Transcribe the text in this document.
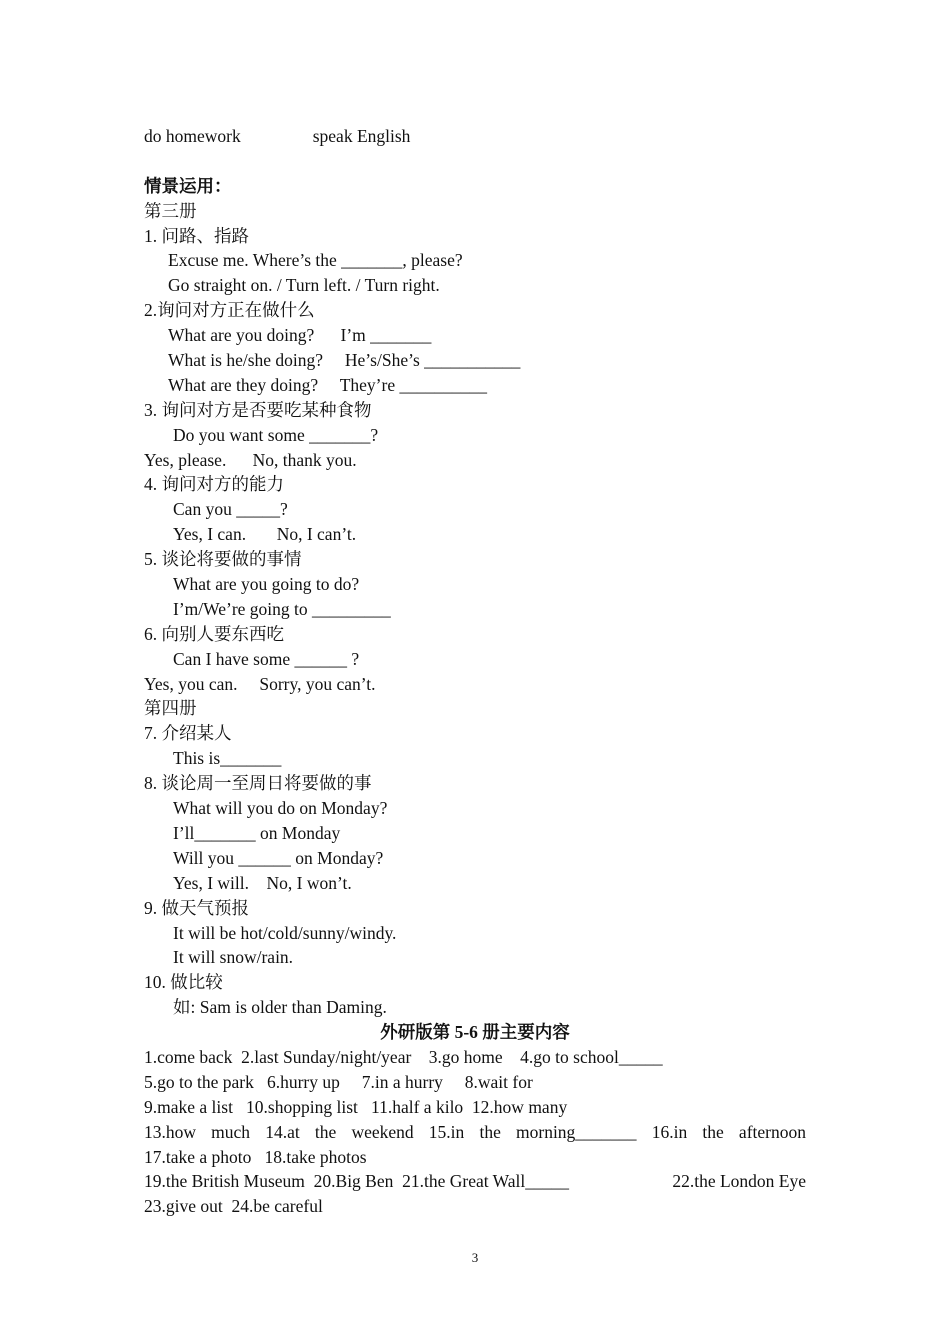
do homework	speak English
情景运用：
第三册
1. 问路、指路
Excuse me. Where’s the _______, please?
Go straight on. / Turn left. / Turn right.
2.询问对方正在做什么
What are you doing?      I’m _______
What is he/she doing?     He’s/She’s ___________
What are they doing?     They’re __________
3. 询问对方是否要吃某种食物
Do you want some _______?
Yes, please.      No, thank you.
4. 询问对方的能力
Can you _____?
Yes, I can.       No, I can’t.
5. 谈论将要做的事情
What are you going to do?
I’m/We’re going to _________
6. 向别人要东西吃
Can I have some ______ ?
Yes, you can.     Sorry, you can’t.
第四册
7. 介绍某人
This is_______
8. 谈论周一至周日将要做的事
What will you do on Monday?
I’ll_______ on Monday
Will you ______ on Monday?
Yes, I will.    No, I won’t.
9. 做天气预报
It will be hot/cold/sunny/windy.
It will snow/rain.
10. 做比较
如: Sam is older than Daming.
外研版第 5-6 册主要内容
1.come back  2.last Sunday/night/year    3.go home    4.go to school_____
5.go to the park   6.hurry up     7.in a hurry     8.wait for
9.make a list   10.shopping list   11.half a kilo  12.how many
13.how much 14.at the weekend 15.in the morning_______ 16.in the afternoon
17.take a photo   18.take photos
19.the British Museum  20.Big Ben  21.the Great Wall_____	22.the London Eye
23.give out  24.be careful
3
